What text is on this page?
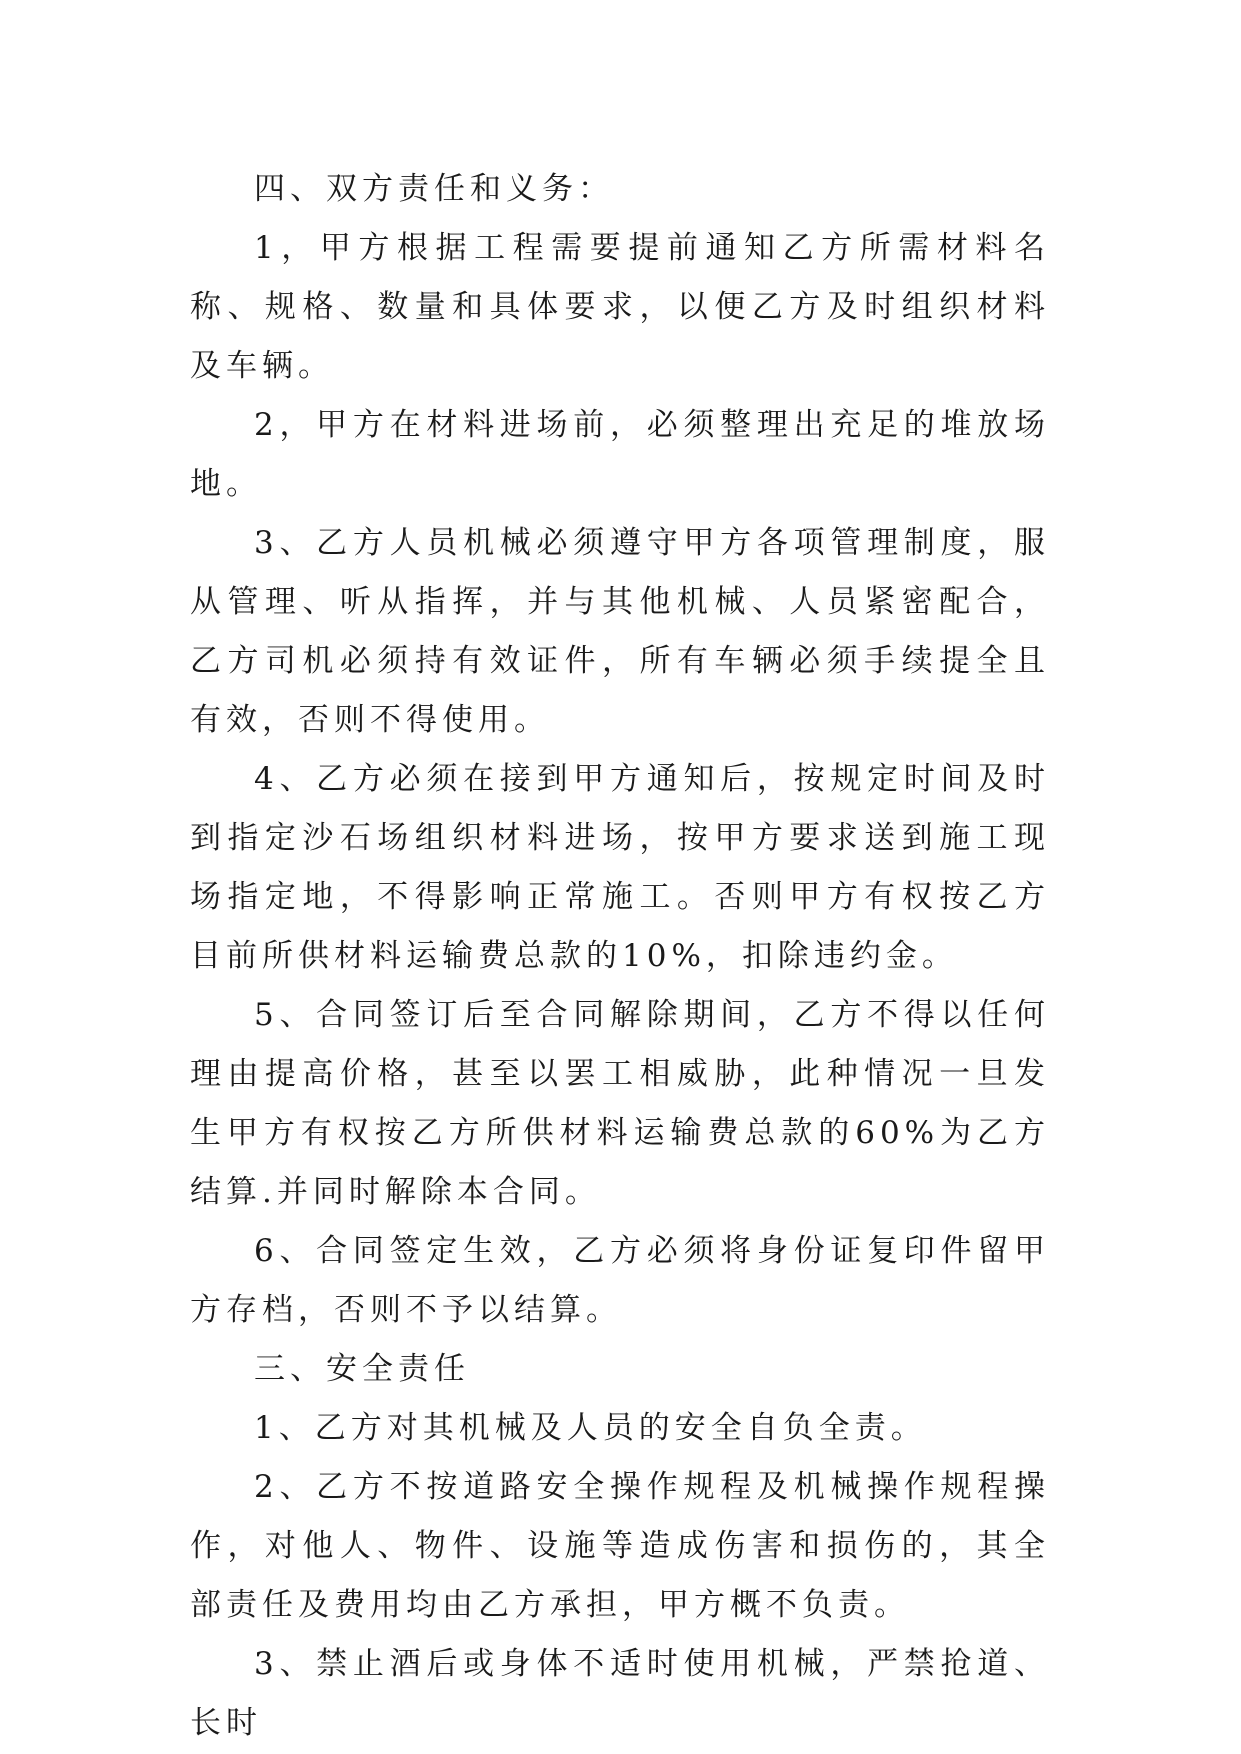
四、双方责任和义务：

1，甲方根据工程需要提前通知乙方所需材料名称、规格、数量和具体要求，以便乙方及时组织材料及车辆。

2，甲方在材料进场前，必须整理出充足的堆放场地。

3、乙方人员机械必须遵守甲方各项管理制度，服从管理、听从指挥，并与其他机械、人员紧密配合，乙方司机必须持有效证件，所有车辆必须手续提全且有效，否则不得使用。

4、乙方必须在接到甲方通知后，按规定时间及时到指定沙石场组织材料进场，按甲方要求送到施工现场指定地，不得影响正常施工。否则甲方有权按乙方目前所供材料运输费总款的10%，扣除违约金。

5、合同签订后至合同解除期间，乙方不得以任何理由提高价格，甚至以罢工相威胁，此种情况一旦发生甲方有权按乙方所供材料运输费总款的60%为乙方结算.并同时解除本合同。

6、合同签定生效，乙方必须将身份证复印件留甲方存档，否则不予以结算。

三、安全责任

1、乙方对其机械及人员的安全自负全责。

2、乙方不按道路安全操作规程及机械操作规程操作，对他人、物件、设施等造成伤害和损伤的，其全部责任及费用均由乙方承担，甲方概不负责。

3、禁止酒后或身体不适时使用机械，严禁抢道、长时
